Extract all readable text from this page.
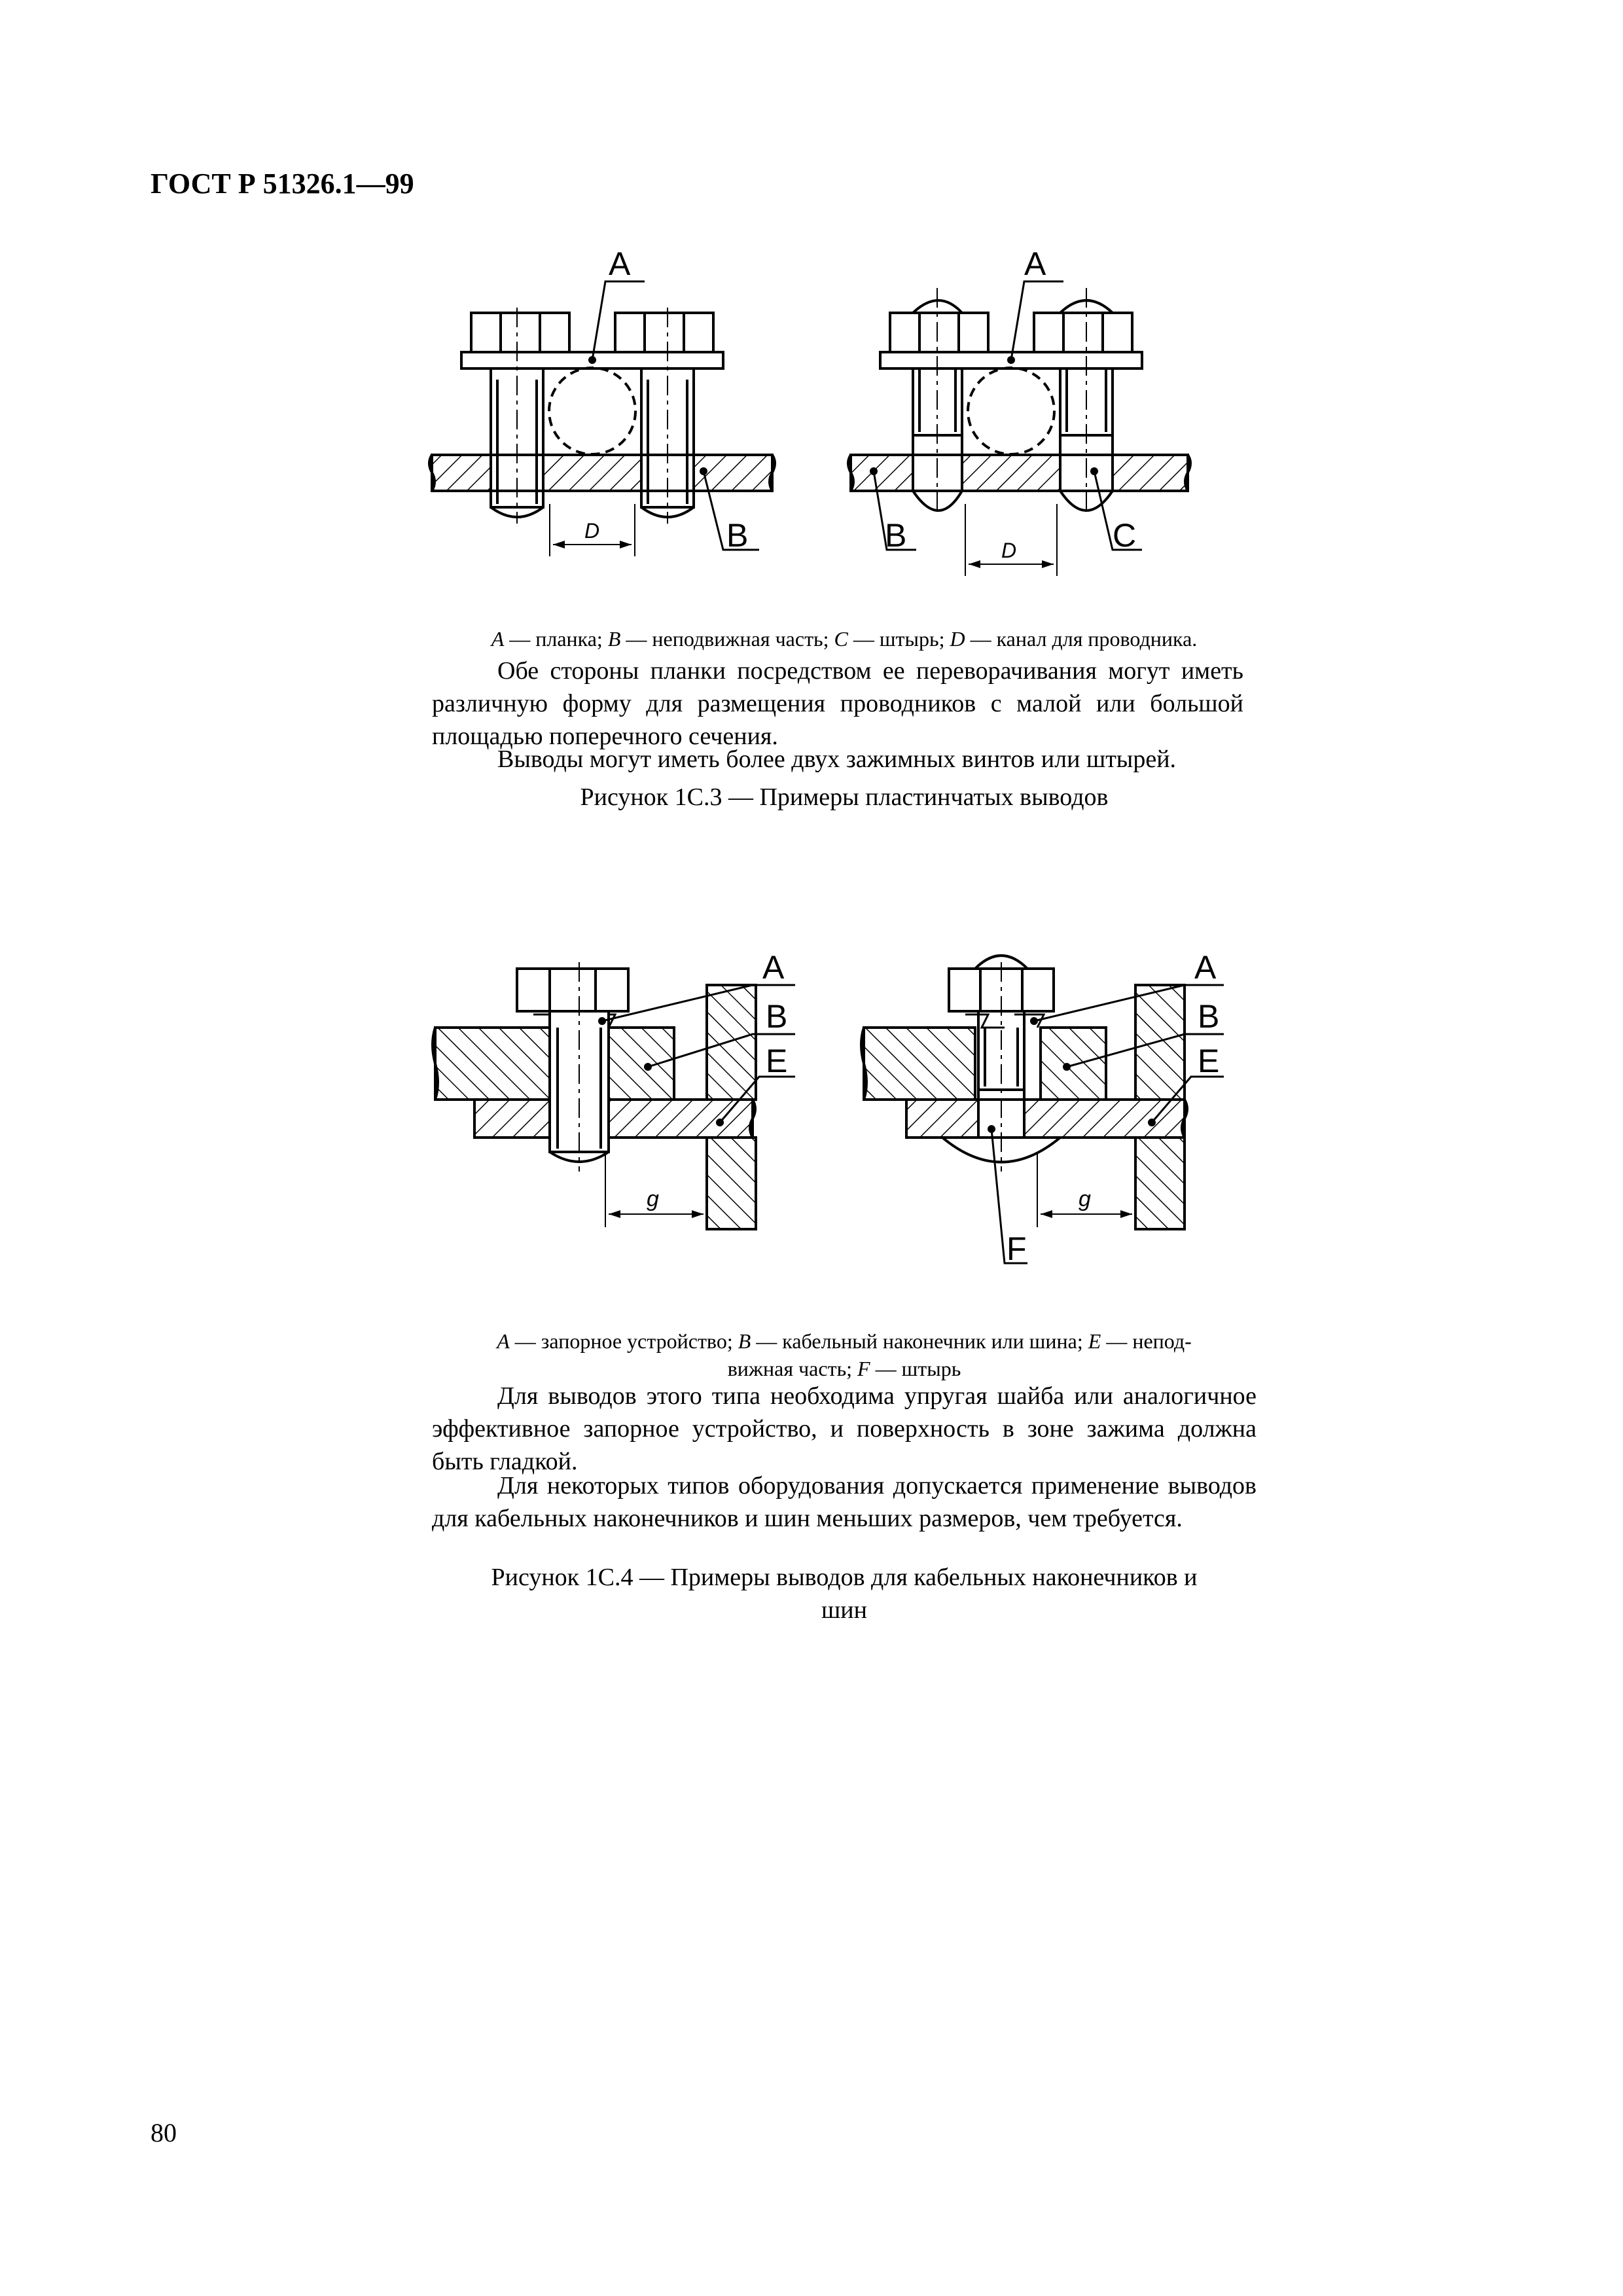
ГОСТ Р 51326.1—99
A
B
D
A
B	C
D
A — планка; B — неподвижная часть; C — штырь; D — канал для проводника.
Обе стороны планки посредством ее переворачивания могут иметь различную форму для размещения проводников с малой или большой площадью поперечного сечения.
Выводы могут иметь более двух зажимных винтов или штырей.
Рисунок 1С.3 — Примеры пластинчатых выводов
A
B
E
g
A
B
E
F
g
A — запорное устройство; B — кабельный наконечник или шина; E — непод-
вижная часть; F — штырь
Для выводов этого типа необходима упругая шайба или аналогичное эффективное запорное устройство, и поверхность в зоне зажима должна быть гладкой.
Для некоторых типов оборудования допускается применение выводов для кабельных наконечников и шин меньших размеров, чем требуется.
Рисунок 1С.4 — Примеры выводов для кабельных наконечников и
шин
80
